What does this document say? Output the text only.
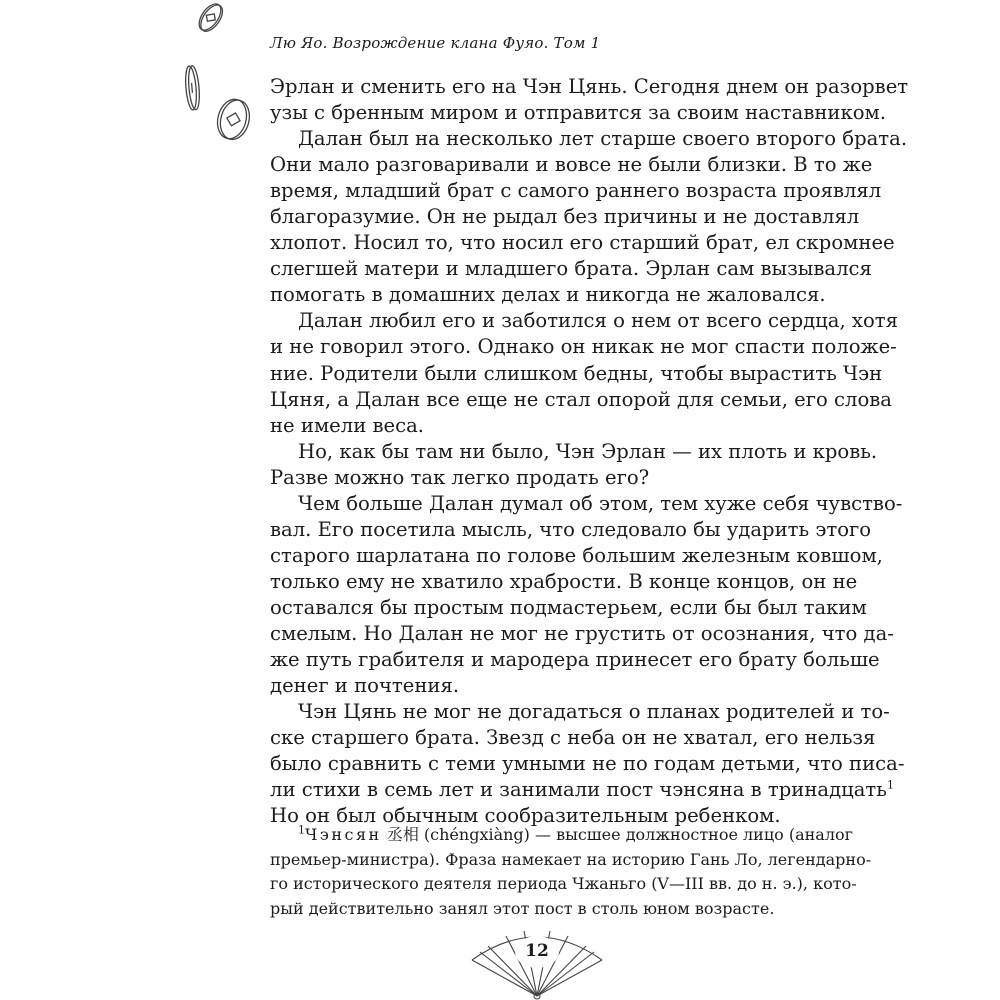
Лю Яо. Возрождение клана Фуяо. Том 1
Эрлан и сменить его на Чэн Цянь. Сегодня днем он разорвет
узы с бренным миром и отправится за своим наставником.
Далан был на несколько лет старше своего второго брата.
Они мало разговаривали и вовсе не были близки. В то же
время, младший брат с самого раннего возраста проявлял
благоразумие. Он не рыдал без причины и не доставлял
хлопот. Носил то, что носил его старший брат, ел скромнее
слегшей матери и младшего брата. Эрлан сам вызывался
помогать в домашних делах и никогда не жаловался.
Далан любил его и заботился о нем от всего сердца, хотя
и не говорил этого. Однако он никак не мог спасти положе-
ние. Родители были слишком бедны, чтобы вырастить Чэн
Цяня, а Далан все еще не стал опорой для семьи, его слова
не имели веса.
Но, как бы там ни было, Чэн Эрлан — их плоть и кровь.
Разве можно так легко продать его?
Чем больше Далан думал об этом, тем хуже себя чувство-
вал. Его посетила мысль, что следовало бы ударить этого
старого шарлатана по голове большим железным ковшом,
только ему не хватило храбрости. В конце концов, он не
оставался бы простым подмастерьем, если бы был таким
смелым. Но Далан не мог не грустить от осознания, что да-
же путь грабителя и мародера принесет его брату больше
денег и почтения.
Чэн Цянь не мог не догадаться о планах родителей и то-
ске старшего брата. Звезд с неба он не хватал, его нельзя
было сравнить с теми умными не по годам детьми, что писа-
ли стихи в семь лет и занимали пост чэнсяна в тринадцать$^1$
Но он был обычным сообразительным ребенком.
$^1$Чэнсян 丞相 (chéngxiàng) — высшее должностное лицо (аналог
премьер-министра). Фраза намекает на историю Гань Ло, легендарно-
го исторического деятеля периода Чжаньго (V—III вв. до н. э.), кото-
рый действительно занял этот пост в столь юном возрасте.
12
